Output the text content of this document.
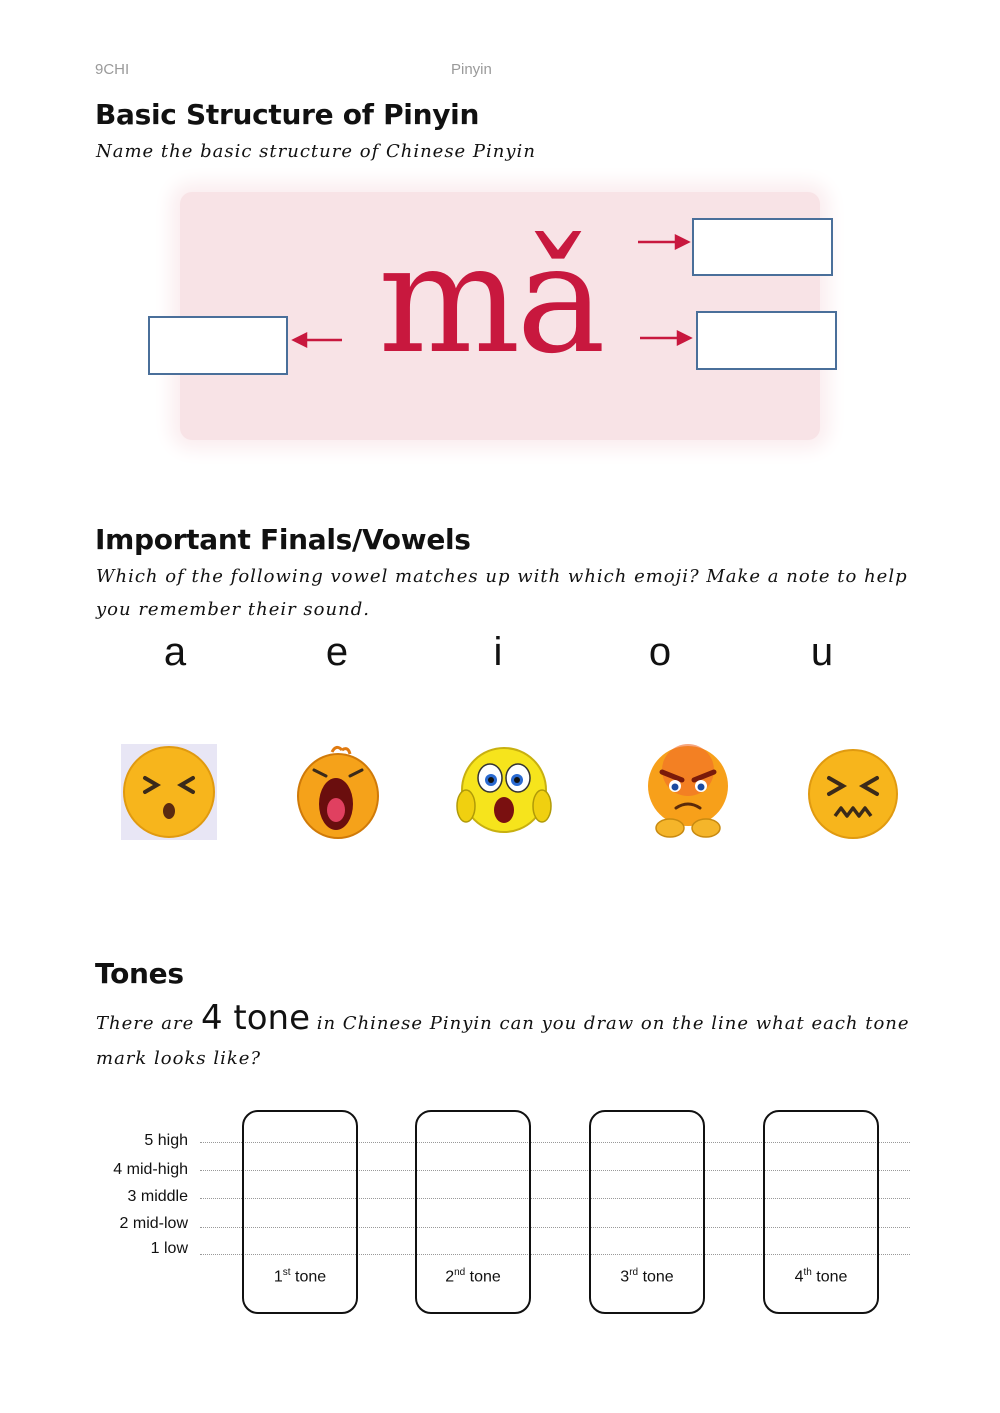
9CHI	Pinyin
Basic Structure of Pinyin
Name the basic structure of Chinese Pinyin
mǎ
Important Finals/Vowels
Which of the following vowel matches up with which emoji? Make a note to help
you remember their sound.
a	e	i	o	u
Tones
There are 4 tone in Chinese Pinyin can you draw on the line what each tone
mark looks like?
5 high
4 mid-high
3 middle
2 mid-low
1 low
1st tone	2nd tone	3rd tone	4th tone
